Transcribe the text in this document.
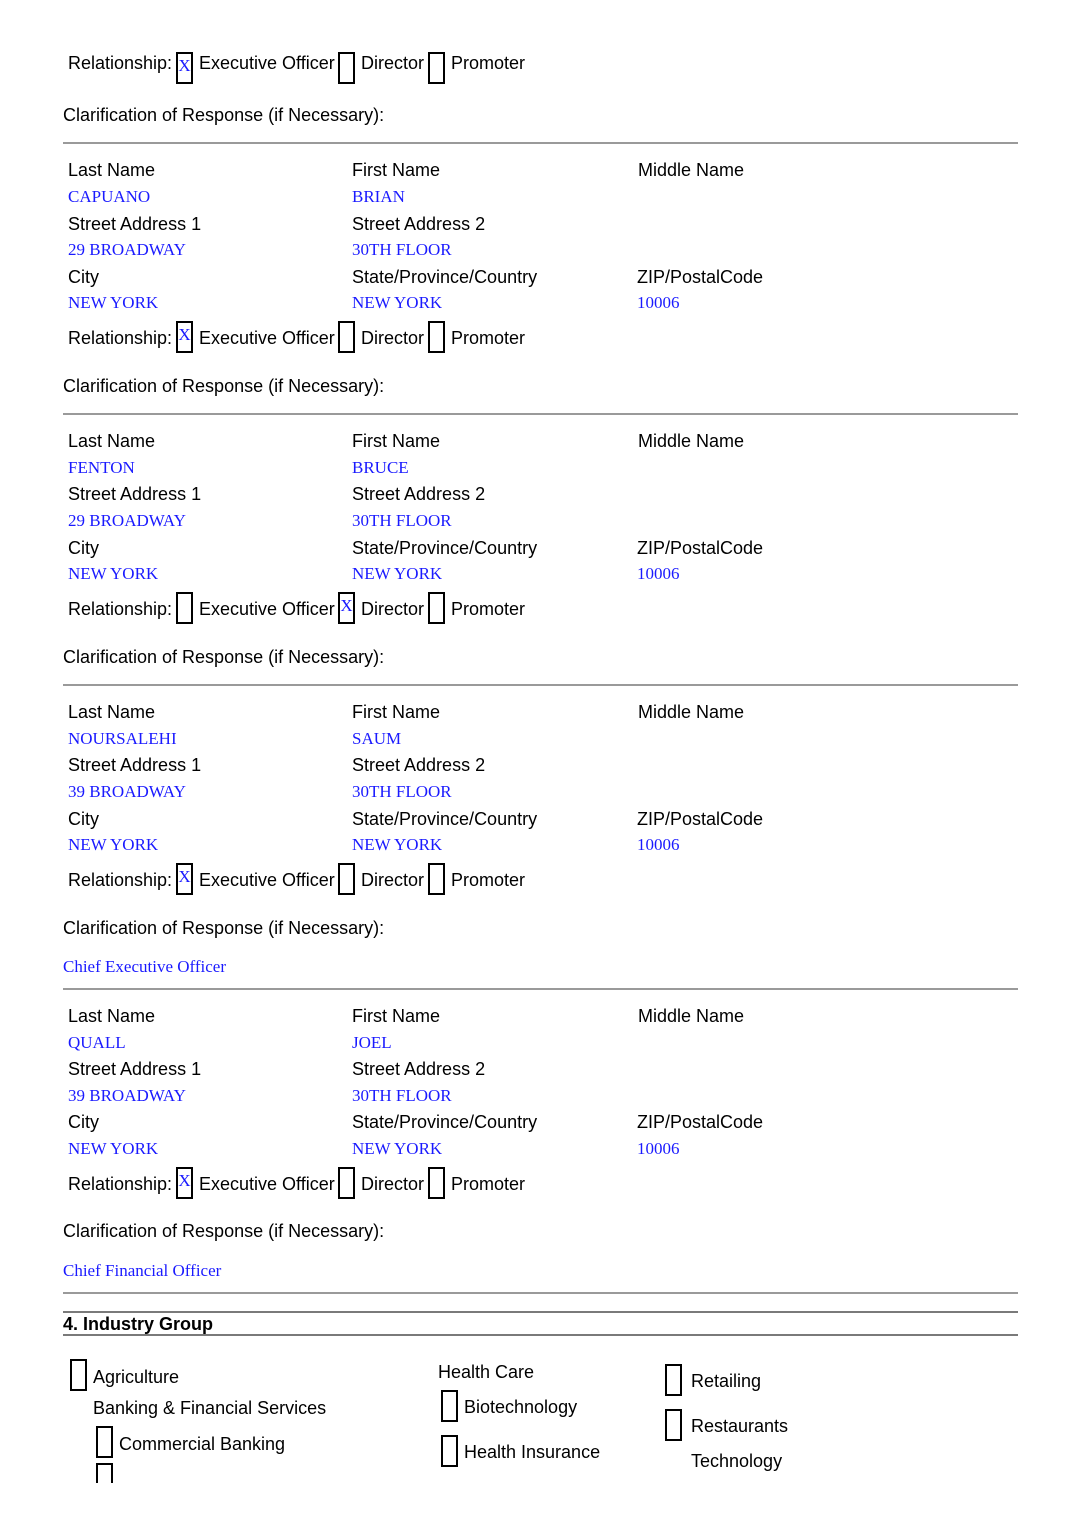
Relationship: X Executive Officer Director Promoter
Clarification of Response (if Necessary):
Last Name	First Name	Middle Name
CAPUANO	BRIAN
Street Address 1	Street Address 2
29 BROADWAY	30TH FLOOR
City	State/Province/Country	ZIP/PostalCode
NEW YORK	NEW YORK	10006
Relationship: X Executive Officer Director Promoter
Clarification of Response (if Necessary):
Last Name	First Name	Middle Name
FENTON	BRUCE
Street Address 1	Street Address 2
29 BROADWAY	30TH FLOOR
City	State/Province/Country	ZIP/PostalCode
NEW YORK	NEW YORK	10006
Relationship: Executive Officer X Director Promoter
Clarification of Response (if Necessary):
Last Name	First Name	Middle Name
NOURSALEHI	SAUM
Street Address 1	Street Address 2
39 BROADWAY	30TH FLOOR
City	State/Province/Country	ZIP/PostalCode
NEW YORK	NEW YORK	10006
Relationship: X Executive Officer Director Promoter
Clarification of Response (if Necessary):
Chief Executive Officer
Last Name	First Name	Middle Name
QUALL	JOEL
Street Address 1	Street Address 2
39 BROADWAY	30TH FLOOR
City	State/Province/Country	ZIP/PostalCode
NEW YORK	NEW YORK	10006
Relationship: X Executive Officer Director Promoter
Clarification of Response (if Necessary):
Chief Financial Officer
4. Industry Group
Agriculture
Banking & Financial Services
Commercial Banking
Health Care
Biotechnology
Health Insurance
Retailing
Restaurants
Technology
